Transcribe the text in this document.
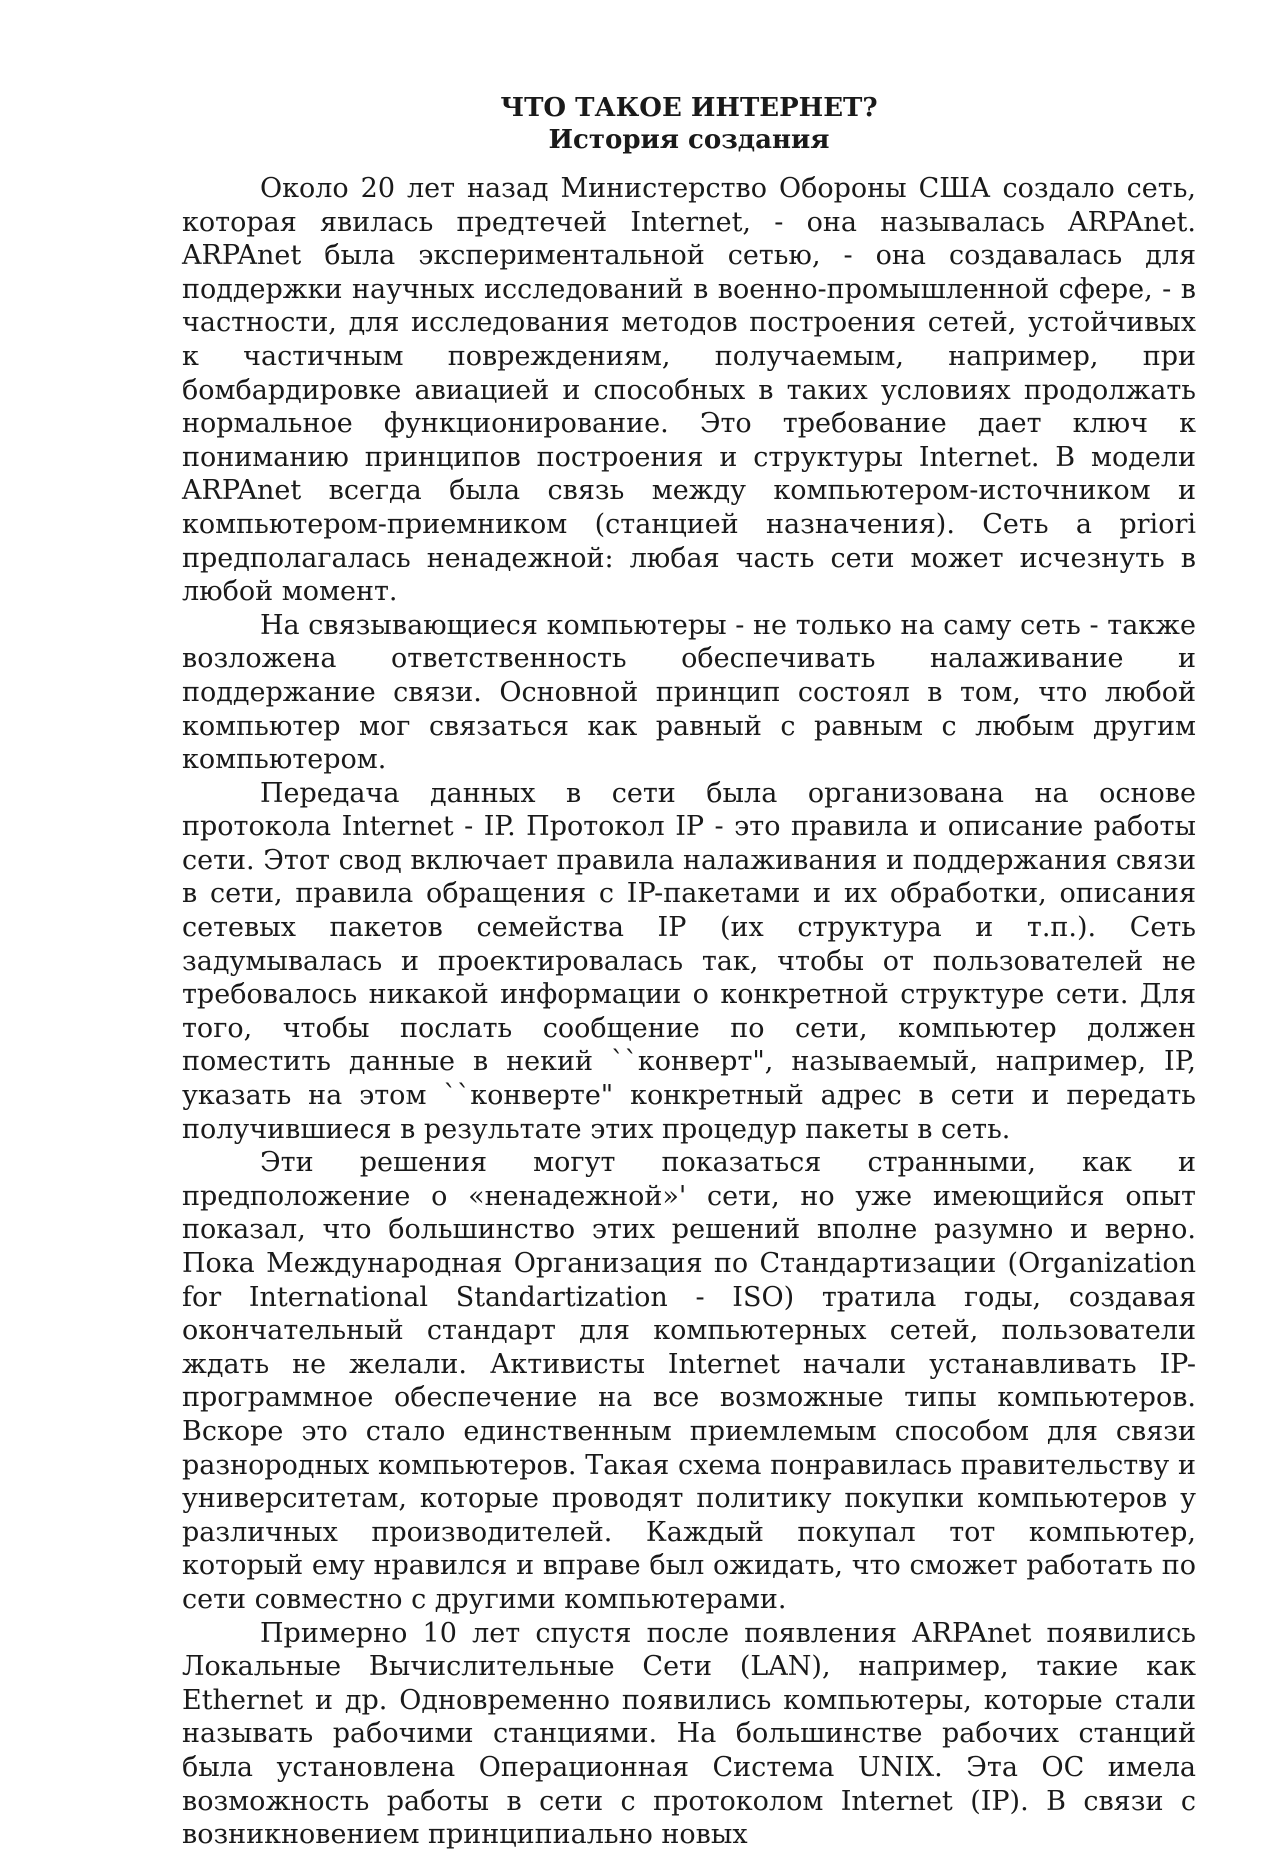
ЧТО ТАКОЕ ИНТЕРНЕТ?
История создания

Около 20 лет назад Министерство Обороны США создало сеть, которая явилась предтечей Internet, - она называлась ARPAnet. ARPAnet была экспериментальной сетью, - она создавалась для поддержки научных исследований в военно-промышленной сфере, - в частности, для исследования методов построения сетей, устойчивых к частичным повреждениям, получаемым, например, при бомбардировке авиацией и способных в таких условиях продолжать нормальное функционирование. Это требование дает ключ к пониманию принципов построения и структуры Internet. В модели ARPAnet всегда была связь между компьютером-источником и компьютером-приемником (станцией назначения). Сеть a priori предполагалась ненадежной: любая часть сети может исчезнуть в любой момент.

На связывающиеся компьютеры - не только на саму сеть - также возложена ответственность обеспечивать налаживание и поддержание связи. Основной принцип состоял в том, что любой компьютер мог связаться как равный с равным с любым другим компьютером.

Передача данных в сети была организована на основе протокола Internet - IP. Протокол IP - это правила и описание работы сети. Этот свод включает правила налаживания и поддержания связи в сети, правила обращения с IP-пакетами и их обработки, описания сетевых пакетов семейства IP (их структура и т.п.). Сеть задумывалась и проектировалась так, чтобы от пользователей не требовалось никакой информации о конкретной структуре сети. Для того, чтобы послать сообщение по сети, компьютер должен поместить данные в некий ``конверт", называемый, например, IP, указать на этом ``конверте" конкретный адрес в сети и передать получившиеся в результате этих процедур пакеты в сеть.

Эти решения могут показаться странными, как и предположение о «ненадежной»' сети, но уже имеющийся опыт показал, что большинство этих решений вполне разумно и верно. Пока Международная Организация по Стандартизации (Organization for International Standartization - ISO) тратила годы, создавая окончательный стандарт для компьютерных сетей, пользователи ждать не желали. Активисты Internet начали устанавливать IP-программное обеспечение на все возможные типы компьютеров. Вскоре это стало единственным приемлемым способом для связи разнородных компьютеров. Такая схема понравилась правительству и университетам, которые проводят политику покупки компьютеров у различных производителей. Каждый покупал тот компьютер, который ему нравился и вправе был ожидать, что сможет работать по сети совместно с другими компьютерами.

Примерно 10 лет спустя после появления ARPAnet появились Локальные Вычислительные Сети (LAN), например, такие как Ethernet и др. Одновременно появились компьютеры, которые стали называть рабочими станциями. На большинстве рабочих станций была установлена Операционная Система UNIX. Эта ОС имела возможность работы в сети с протоколом Internet (IP). В связи с возникновением принципиально новых
